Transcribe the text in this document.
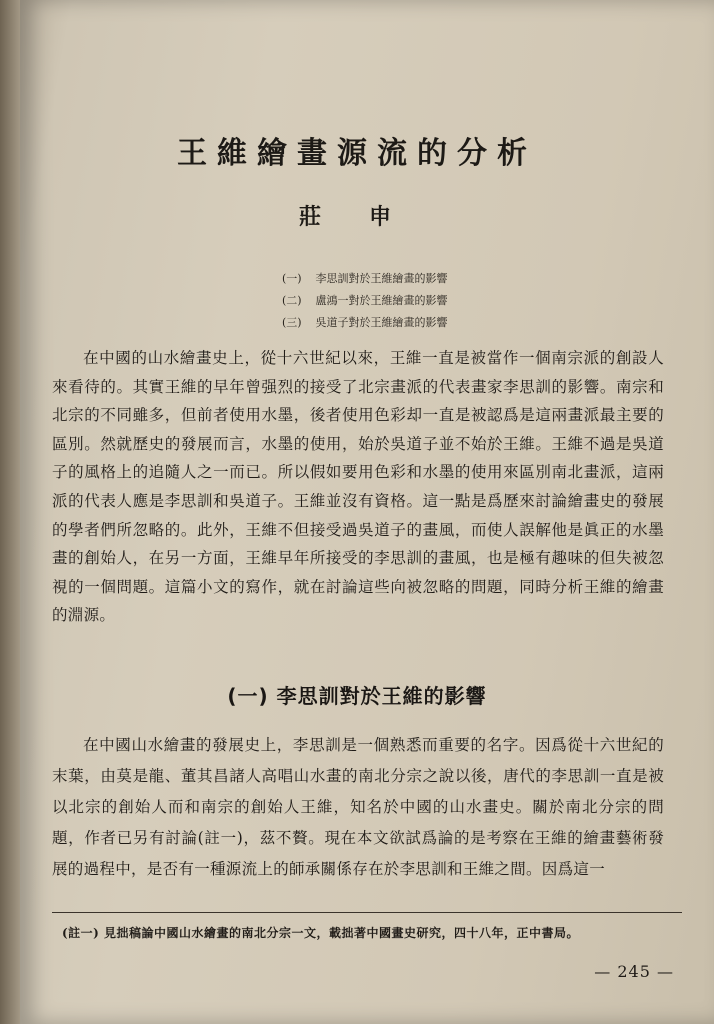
王維繪畫源流的分析
莊申
(一) 李思訓對於王維繪畫的影響
(二) 盧鴻一對於王維繪畫的影響
(三) 吳道子對於王維繪畫的影響

在中國的山水繪畫史上，從十六世紀以來，王維一直是被當作一個南宗派的創設人來看待的。其實王維的早年曾强烈的接受了北宗畫派的代表畫家李思訓的影響。南宗和北宗的不同雖多，但前者使用水墨，後者使用色彩却一直是被認爲是這兩畫派最主要的區別。然就歷史的發展而言，水墨的使用，始於吳道子並不始於王維。王維不過是吳道子的風格上的追隨人之一而已。所以假如要用色彩和水墨的使用來區別南北畫派，這兩派的代表人應是李思訓和吳道子。王維並沒有資格。這一點是爲歷來討論繪畫史的發展的學者們所忽略的。此外，王維不但接受過吳道子的畫風，而使人誤解他是眞正的水墨畫的創始人，在另一方面，王維早年所接受的李思訓的畫風，也是極有趣味的但失被忽視的一個問題。這篇小文的寫作，就在討論這些向被忽略的問題，同時分析王維的繪畫的淵源。

(一) 李思訓對於王維的影響

在中國山水繪畫的發展史上，李思訓是一個熟悉而重要的名字。因爲從十六世紀的末葉，由莫是龍、董其昌諸人高唱山水畫的南北分宗之說以後，唐代的李思訓一直是被以北宗的創始人而和南宗的創始人王維，知名於中國的山水畫史。關於南北分宗的問題，作者已另有討論(註一)，茲不贅。現在本文欲試爲論的是考察在王維的繪畫藝術發展的過程中，是否有一種源流上的師承關係存在於李思訓和王維之間。因爲這一

(註一) 見拙稿論中國山水繪畫的南北分宗一文，載拙著中國畫史研究，四十八年，正中書局。
— 245 —
